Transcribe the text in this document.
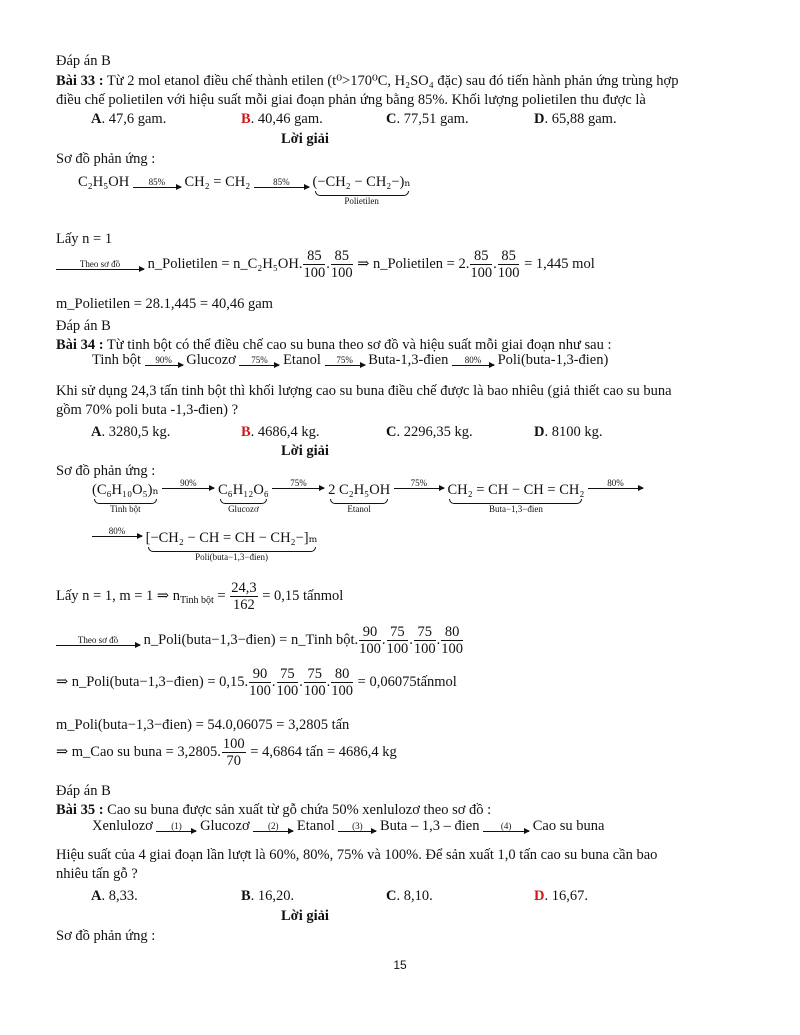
Đáp án B
Bài 33 : Từ 2 mol etanol điều chế thành etilen (t⁰>170⁰C, H₂SO₄ đặc) sau đó tiến hành phản ứng trùng hợp
điều chế polietilen với hiệu suất mỗi giai đoạn phản ứng bằng 85%. Khối lượng polietilen thu được là
A . 47,6 gam.	B . 40,46 gam.	C . 77,51 gam.	D . 65,88 gam.
Lời giải
Sơ đồ phản ứng :
C₂H₅OH	85%	CH₂ = CH₂	85%
	(−CH₂ − CH₂−)ₙ
Polietilen
Lấy n = 1
Theo sơ đồ	n_Polietilen = n_C₂H₅OH. $\frac{85}{100}$ . $\frac{85}{100}$ ⇒ n_Polietilen = 2. $\frac{85}{100}$ . $\frac{85}{100} = 1,445$ mol
m_Polietilen = 28.1,445 = 40,46 gam
Đáp án B
Bài 34 : Từ tinh bột có thể điều chế cao su buna theo sơ đồ và hiệu suất mỗi giai đoạn như sau :
Tinh bột	90% Glucozơ	75%	Etanol	75%	Buta-1,3-đien	80%	Poli(buta-1,3-đien)
Khi sử dụng 24,3 tấn tinh bột thì khối lượng cao su buna điều chế được là bao nhiêu (giả thiết cao su buna
gồm 70% poli buta -1,3-đien) ?
A . 3280,5 kg.	B . 4686,4 kg.	C . 2296,35 kg.	D . 8100 kg.
Lời giải
Sơ đồ phản ứng :
(C₆H₁₀O₅)ₙ
Tinh bột

90%
	C₆H₁₂O₆
Glucozơ

75%
	2 C₂H₅OH
Etanol

75%
	CH₂ = CH − CH = CH₂
Buta−1,3−đien

80%
80%
	[−CH₂ − CH = CH − CH₂−]ₘ
Poli(buta−1,3−đien)
Lấy n = 1, m = 1 ⇒ $n_{Tinh bột} = \frac{24,3}{162} = 0,15$ tấnmol
Theo sơ đồ	n_Poli(buta−1,3−đien) = n_Tinh bột. $\frac{90}{100}$ . $\frac{75}{100}$ . $\frac{75}{100}$ . $\frac{80}{100}$
⇒ n_Poli(buta−1,3−đien) = 0,15. $\frac{90}{100}$ . $\frac{75}{100}$ . $\frac{75}{100}$ . $\frac{80}{100}$ = 0,06075tấnmol
m_Poli(buta−1,3−đien) = 54.0,06075 = 3,2805 tấn
⇒ m_Cao su buna = 3,2805. $\frac{100}{70} = 4,6864$ tấn = 4686,4 kg
Đáp án B
Bài 35 : Cao su buna được sản xuất từ gỗ chứa 50% xenlulozơ theo sơ đồ :
Xenlulozơ	(1)	Glucozơ	(2)	Etanol	(3)	Buta – 1,3 – đien	(4)	Cao su buna
Hiệu suất của 4 giai đoạn lần lượt là 60%, 80%, 75% và 100%. Để sản xuất 1,0 tấn cao su buna cần bao
nhiêu tấn gỗ ?
A . 8,33.	B . 16,20.	C . 8,10.	D . 16,67.
Lời giải
Sơ đồ phản ứng :
15
